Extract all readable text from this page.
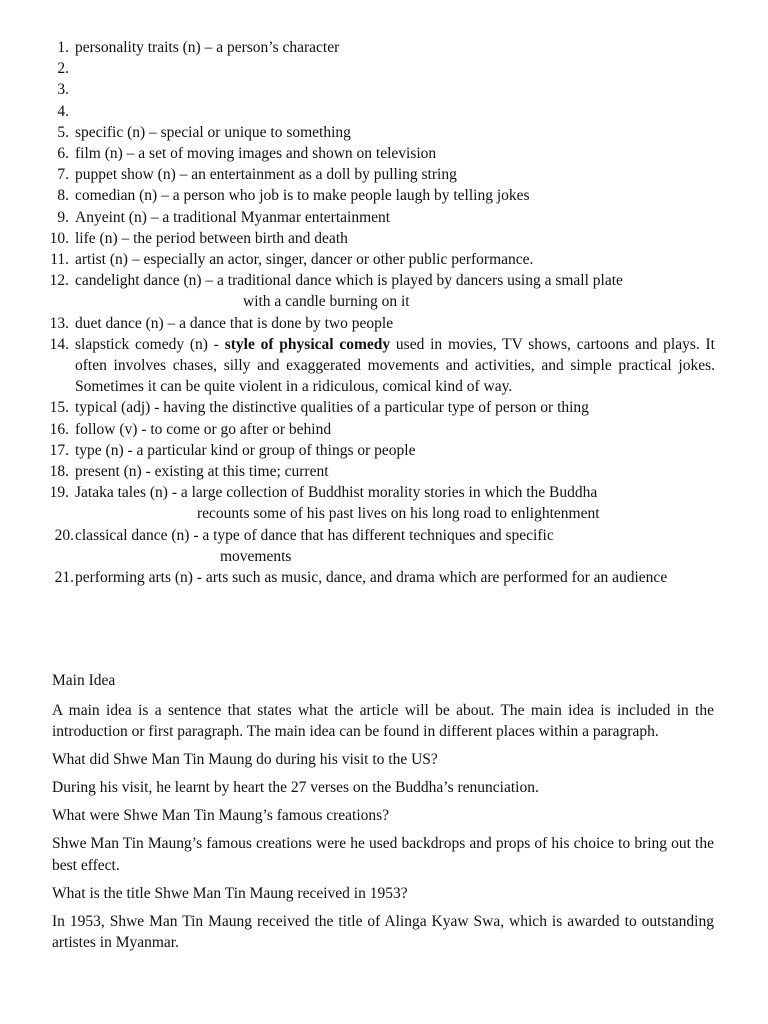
1. personality traits (n) – a person’s character
2.

3.

4.

5. specific (n) – special or unique to something
6. film (n) – a set of moving images and shown on television
7. puppet show (n) – an entertainment as a doll by pulling string
8. comedian (n) – a person who job is to make people laugh by telling jokes
9. Anyeint (n) – a traditional Myanmar entertainment
10. life (n) – the period between birth and death
11. artist (n) – especially an actor, singer, dancer or other public performance.
12. candelight dance (n) – a traditional dance which is played by dancers using a small plate
with a candle burning on it
13. duet dance (n) – a dance that is done by two people
14. slapstick comedy (n) - style of physical comedy used in movies, TV shows, cartoons and plays. It often involves chases, silly and exaggerated movements and activities, and simple practical jokes. Sometimes it can be quite violent in a ridiculous, comical kind of way.
15. typical (adj) - having the distinctive qualities of a particular type of person or thing
16. follow (v) - to come or go after or behind
17. type (n) - a particular kind or group of things or people
18. present (n) - existing at this time; current
19. Jataka tales (n) - a large collection of Buddhist morality stories in which the Buddha
recounts some of his past lives on his long road to enlightenment
20. classical dance (n) - a type of dance that has different techniques and specific
movements
21. performing arts (n) - arts such as music, dance, and drama which are performed for an audience

Main Idea

A main idea is a sentence that states what the article will be about. The main idea is included in the introduction or first paragraph. The main idea can be found in different places within a paragraph.

What did Shwe Man Tin Maung do during his visit to the US?

During his visit, he learnt by heart the 27 verses on the Buddha’s renunciation.

What were Shwe Man Tin Maung’s famous creations?

Shwe Man Tin Maung’s famous creations were he used backdrops and props of his choice to bring out the best effect.

What is the title Shwe Man Tin Maung received in 1953?

In 1953, Shwe Man Tin Maung received the title of Alinga Kyaw Swa, which is awarded to outstanding artistes in Myanmar.
